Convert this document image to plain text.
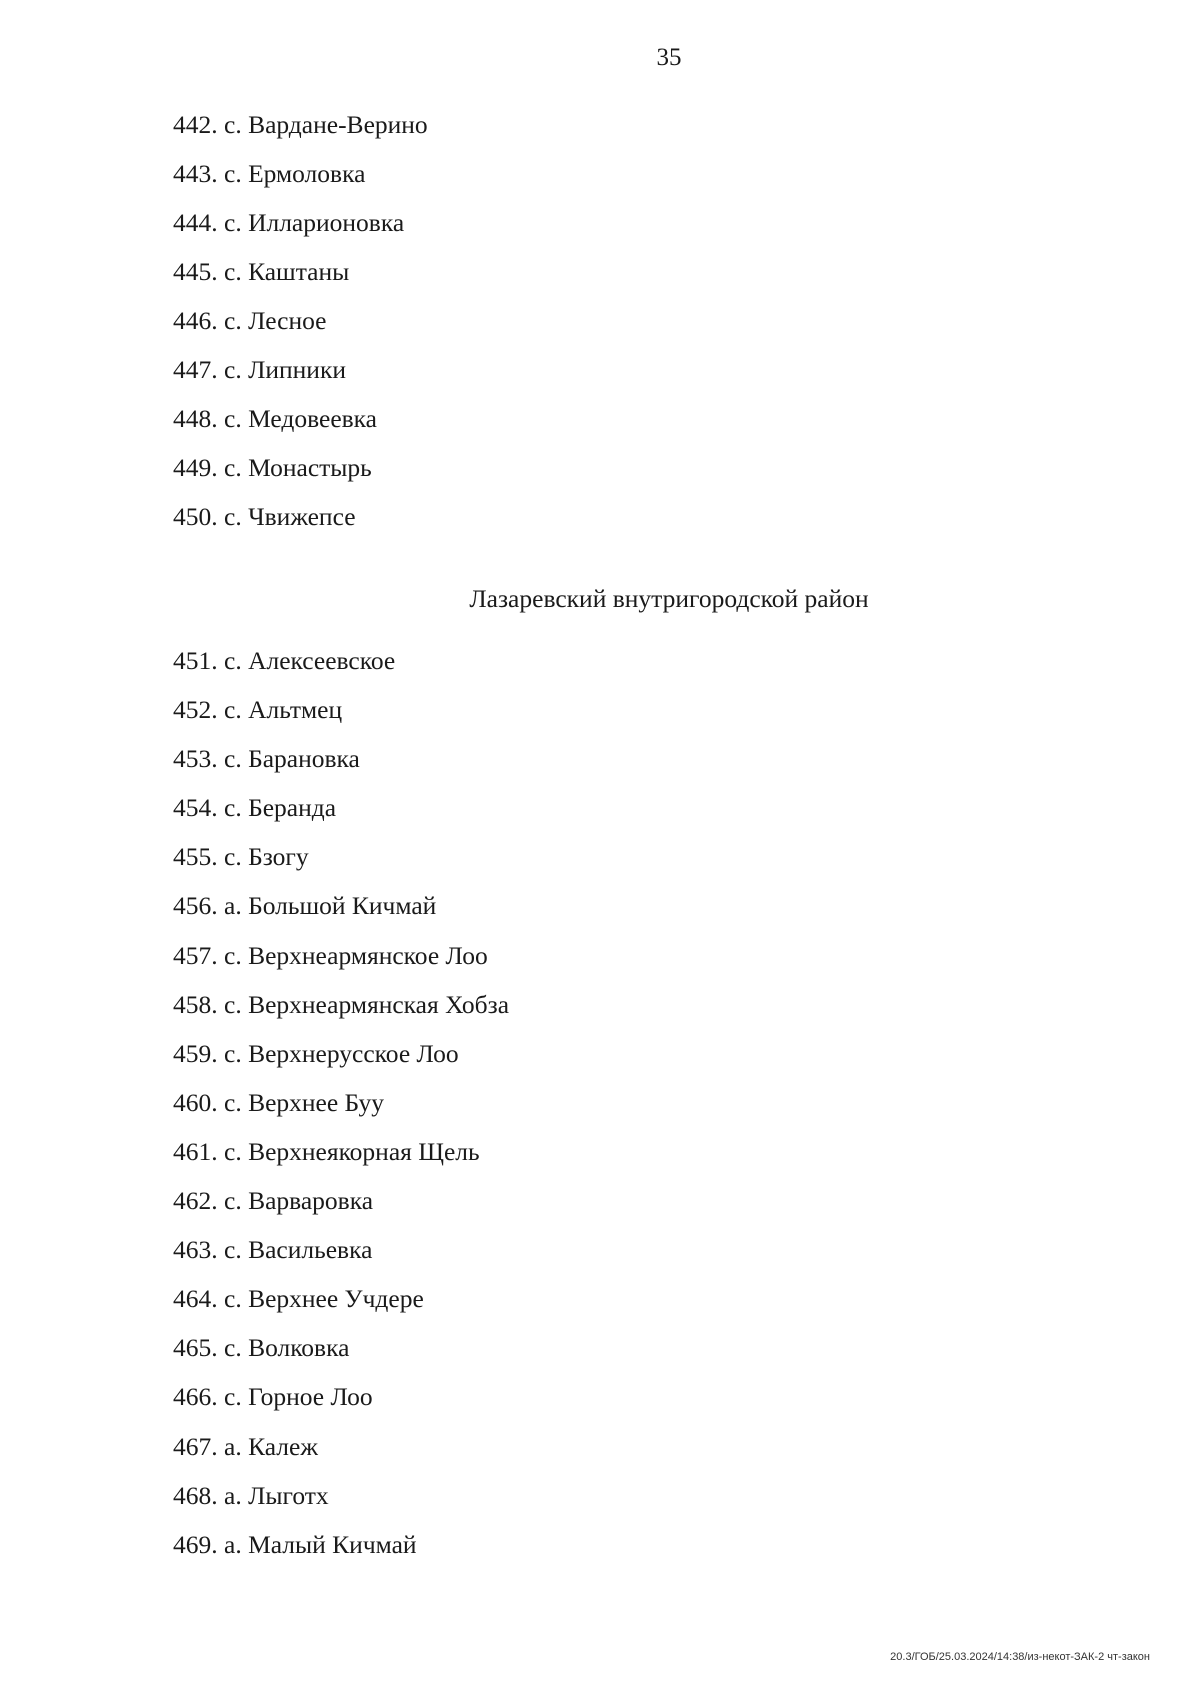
35
442. с. Вардане-Верино
443. с. Ермоловка
444. с. Илларионовка
445. с. Каштаны
446. с. Лесное
447. с. Липники
448. с. Медовеевка
449. с. Монастырь
450. с. Чвижепсе
Лазаревский внутригородской район
451. с. Алексеевское
452. с. Альтмец
453. с. Барановка
454. с. Беранда
455. с. Бзогу
456. а. Большой Кичмай
457. с. Верхнеармянское Лоо
458. с. Верхнеармянская Хобза
459. с. Верхнерусское Лоо
460. с. Верхнее Буу
461. с. Верхнеякорная Щель
462. с. Варваровка
463. с. Васильевка
464. с. Верхнее Учдере
465. с. Волковка
466. с. Горное Лоо
467. а. Калеж
468. а. Лыготх
469. а. Малый Кичмай
20.3/ГОБ/25.03.2024/14:38/из-некот-ЗАК-2 чт-закон
